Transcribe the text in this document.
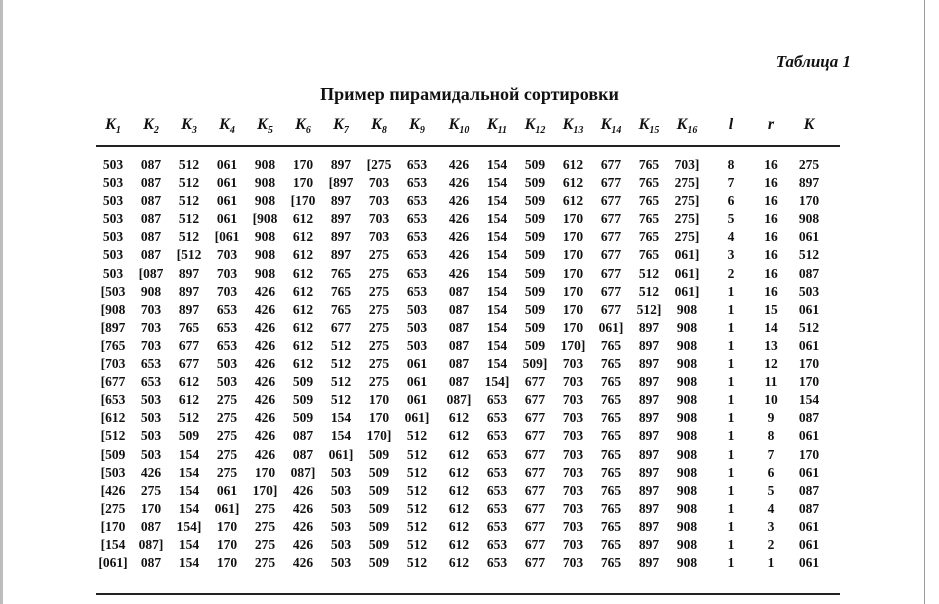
Таблица 1
Пример пирамидальной сортировки
$K_1$	$K_2$	$K_3$	$K_4$	$K_5$	$K_6$	$K_7$	$K_8$	$K_9$	$K_{10}$	$K_{11}$	$K_{12}$	$K_{13}$	$K_{14}$	$K_{15}$	$K_{16}$	l	r	K
503	087	512	061	908	170	897	[275	653	426	154	509	612	677	765	703]	8	16	275
503	087	512	061	908	170	[897	703	653	426	154	509	612	677	765	275]	7	16	897
503	087	512	061	908	[170	897	703	653	426	154	509	612	677	765	275]	6	16	170
503	087	512	061	[908	612	897	703	653	426	154	509	170	677	765	275]	5	16	908
503	087	512	[061	908	612	897	703	653	426	154	509	170	677	765	275]	4	16	061
503	087	[512	703	908	612	897	275	653	426	154	509	170	677	765	061]	3	16	512
503	[087	897	703	908	612	765	275	653	426	154	509	170	677	512	061]	2	16	087
[503	908	897	703	426	612	765	275	653	087	154	509	170	677	512	061]	1	16	503
[908	703	897	653	426	612	765	275	503	087	154	509	170	677	512]	908	1	15	061
[897	703	765	653	426	612	677	275	503	087	154	509	170	061]	897	908	1	14	512
[765	703	677	653	426	612	512	275	503	087	154	509	170]	765	897	908	1	13	061
[703	653	677	503	426	612	512	275	061	087	154	509]	703	765	897	908	1	12	170
[677	653	612	503	426	509	512	275	061	087	154]	677	703	765	897	908	1	11	170
[653	503	612	275	426	509	512	170	061	087]	653	677	703	765	897	908	1	10	154
[612	503	512	275	426	509	154	170	061]	612	653	677	703	765	897	908	1	9	087
[512	503	509	275	426	087	154	170]	512	612	653	677	703	765	897	908	1	8	061
[509	503	154	275	426	087	061]	509	512	612	653	677	703	765	897	908	1	7	170
[503	426	154	275	170	087]	503	509	512	612	653	677	703	765	897	908	1	6	061
[426	275	154	061	170]	426	503	509	512	612	653	677	703	765	897	908	1	5	087
[275	170	154	061]	275	426	503	509	512	612	653	677	703	765	897	908	1	4	087
[170	087	154]	170	275	426	503	509	512	612	653	677	703	765	897	908	1	3	061
[154 087]	154	170	275	426	503	509	512	612	653	677	703	765	897	908	1	2	061
[061] 087	154	170	275	426	503	509	512	612	653	677	703	765	897	908	1	1	061
